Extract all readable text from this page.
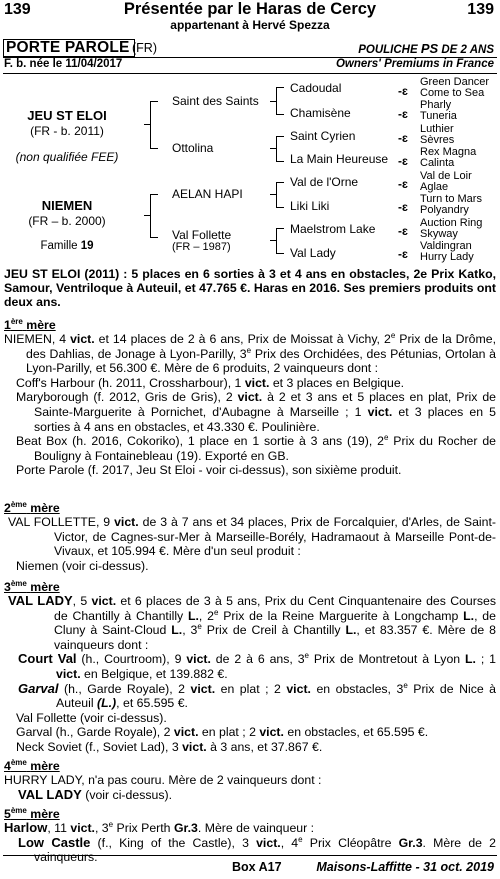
Présentée par le Haras de Cercy
139	139
appartenant à Hervé Spezza
PORTE PAROLE (FR)	POULICHE PS DE 2 ANS
F. b. née le 11/04/2017	Owners' Premiums in France
JEU ST ELOI
(FR - b. 2011)
(non qualifiée FEE)
NIEMEN
(FR – b. 2000)
Famille 19
Saint des Saints
Ottolina
AELAN HAPI
Val Follette
(FR – 1987)
Cadoudal
Chamisène
Saint Cyrien
La Main Heureuse
Val de l'Orne
Liki Liki
Maelstrom Lake
Val Lady
-ɛ
-ɛ
-ɛ
-ɛ
-ɛ
-ɛ
-ɛ
-ɛ
Green Dancer
Come to Sea
Pharly
Tuneria
Luthier
Sèvres
Rex Magna
Calinta
Val de Loir
Aglae
Turn to Mars
Polyandry
Auction Ring
Skyway
Valdingran
Hurry Lady
JEU ST ELOI (2011) : 5 places en 6 sorties à 3 et 4 ans en obstacles, 2e Prix Katko, Samour, Ventriloque à Auteuil, et 47.765 €. Haras en 2016. Ses premiers produits ont deux ans.
1ère mère
NIEMEN, 4 vict. et 14 places de 2 à 6 ans, Prix de Moissat à Vichy, 2e Prix de la Drôme, des Dahlias, de Jonage à Lyon-Parilly, 3e Prix des Orchidées, des Pétunias, Ortolan à Lyon-Parilly, et 56.300 €. Mère de 6 produits, 2 vainqueurs dont :
Coff's Harbour (h. 2011, Crossharbour), 1 vict. et 3 places en Belgique.
Maryborough (f. 2012, Gris de Gris), 2 vict. à 2 et 3 ans et 5 places en plat, Prix de Sainte-Marguerite à Pornichet, d'Aubagne à Marseille ; 1 vict. et 3 places en 5 sorties à 4 ans en obstacles, et 43.330 €. Poulinière.
Beat Box (h. 2016, Cokoriko), 1 place en 1 sortie à 3 ans (19), 2e Prix du Rocher de Bouligny à Fontainebleau (19). Exporté en GB.
Porte Parole (f. 2017, Jeu St Eloi - voir ci-dessus), son sixième produit.
2ème mère
VAL FOLLETTE, 9 vict. de 3 à 7 ans et 34 places, Prix de Forcalquier, d'Arles, de Saint-Victor, de Cagnes-sur-Mer à Marseille-Borély, Hadramaout à Marseille Pont-de-Vivaux, et 105.994 €. Mère d'un seul produit :
Niemen (voir ci-dessus).
3ème mère
VAL LADY, 5 vict. et 6 places de 3 à 5 ans, Prix du Cent Cinquantenaire des Courses de Chantilly à Chantilly L., 2e Prix de la Reine Marguerite à Longchamp L., de Cluny à Saint-Cloud L., 3e Prix de Creil à Chantilly L., et 83.357 €. Mère de 8 vainqueurs dont :
Court Val (h., Courtroom), 9 vict. de 2 à 6 ans, 3e Prix de Montretout à Lyon L. ; 1 vict. en Belgique, et 139.882 €.
Garval (h., Garde Royale), 2 vict. en plat ; 2 vict. en obstacles, 3e Prix de Nice à Auteuil (L.), et 65.595 €.
Val Follette (voir ci-dessus).
Garval (h., Garde Royale), 2 vict. en plat ; 2 vict. en obstacles, et 65.595 €.
Neck Soviet (f., Soviet Lad), 3 vict. à 3 ans, et 37.867 €.
4ème mère
HURRY LADY, n'a pas couru. Mère de 2 vainqueurs dont :
VAL LADY (voir ci-dessus).
5ème mère
Harlow, 11 vict., 3e Prix Perth Gr.3. Mère de vainqueur :
Low Castle (f., King of the Castle), 3 vict., 4e Prix Cléopâtre Gr.3. Mère de 2 vainqueurs.
Box A17	Maisons-Laffitte - 31 oct. 2019
